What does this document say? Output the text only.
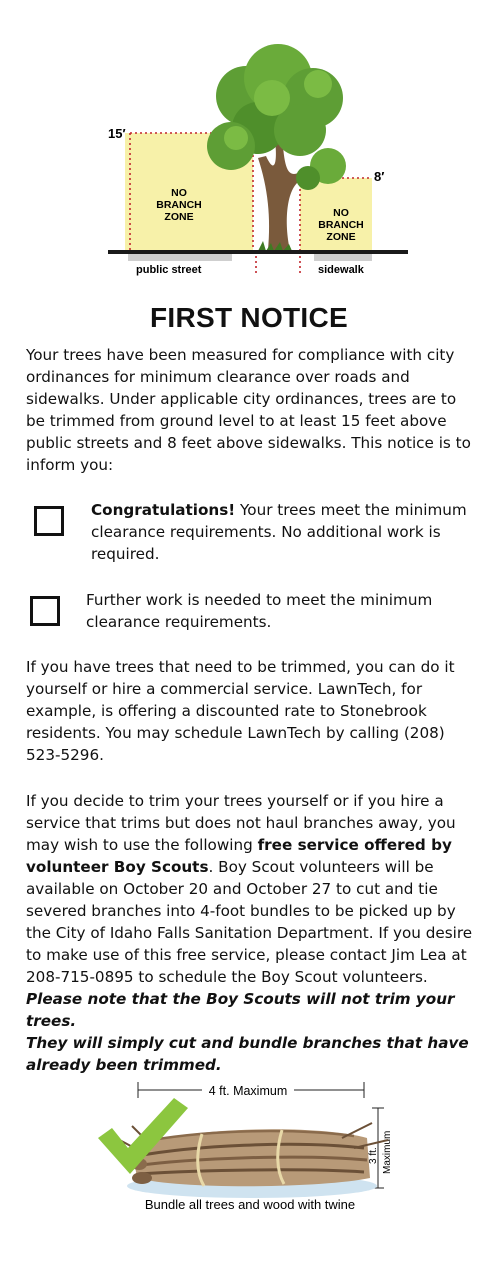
15′
8′
NO
BRANCH
ZONE	NO
BRANCH
ZONE
public street	sidewalk
FIRST NOTICE

Your trees have been measured for compliance with city
ordinances for minimum clearance over roads and
sidewalks. Under applicable city ordinances, trees are to
be trimmed from ground level to at least 15 feet above
public streets and 8 feet above sidewalks. This notice is to
inform you:

Congratulations! Your trees meet the minimum
clearance requirements. No additional work is
required.

Further work is needed to meet the minimum
clearance requirements.

If you have trees that need to be trimmed, you can do it
yourself or hire a commercial service. LawnTech, for
example, is offering a discounted rate to Stonebrook
residents. You may schedule LawnTech by calling (208)
523-5296.

If you decide to trim your trees yourself or if you hire a
service that trims but does not haul branches away, you
may wish to use the following free service offered by
volunteer Boy Scouts. Boy Scout volunteers will be
available on October 20 and October 27 to cut and tie
severed branches into 4-foot bundles to be picked up by
the City of Idaho Falls Sanitation Department. If you desire
to make use of this free service, please contact Jim Lea at
208-715-0895 to schedule the Boy Scout volunteers.
Please note that the Boy Scouts will not trim your trees.
They will simply cut and bundle branches that have
already been trimmed.

4 ft. Maximum
3 ft. Maximum
Bundle all trees and wood with twine
